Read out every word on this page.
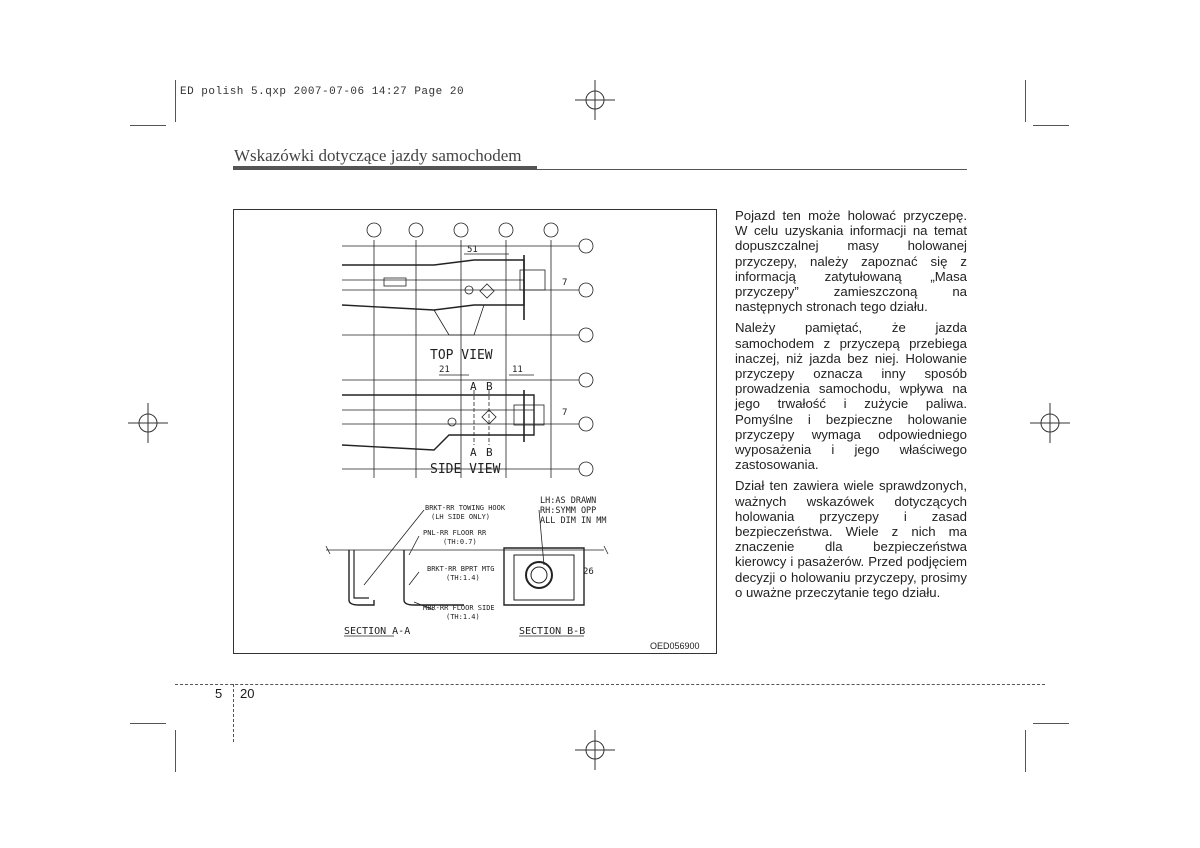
ED polish 5.qxp 2007-07-06 14:27 Page 20
Wskazówki dotyczące jazdy samochodem
TOP VIEW
SIDE VIEW
51
21	11
7
7
26
A B
A B
LH:AS DRAWN
RH:SYMM OPP
ALL DIM IN MM
BRKT-RR TOWING HOOK
(LH SIDE ONLY)
PNL-RR FLOOR RR
(TH:0.7)
BRKT-RR BPRT MTG
(TH:1.4)
MBR-RR FLOOR SIDE
(TH:1.4)
SECTION A-A	SECTION B-B
OED056900

Pojazd ten może holować przyczepę. W celu uzyskania informacji na temat dopuszczalnej masy holowanej przyczepy, należy zapoznać się z informacją zatytułowaną „Masa przyczepy” zamieszczoną na następnych stronach tego działu.

Należy pamiętać, że jazda samochodem z przyczepą przebiega inaczej, niż jazda bez niej. Holowanie przyczepy oznacza inny sposób prowadzenia samochodu, wpływa na jego trwałość i zużycie paliwa. Pomyślne i bezpieczne holowanie przyczepy wymaga odpowiedniego wyposażenia i jego właściwego zastosowania.

Dział ten zawiera wiele sprawdzonych, ważnych wskazówek dotyczących holowania przyczepy i zasad bezpieczeństwa. Wiele z nich ma znaczenie dla bezpieczeństwa kierowcy i pasażerów. Przed podjęciem decyzji o holowaniu przyczepy, prosimy o uważne przeczytanie tego działu.

5 20
